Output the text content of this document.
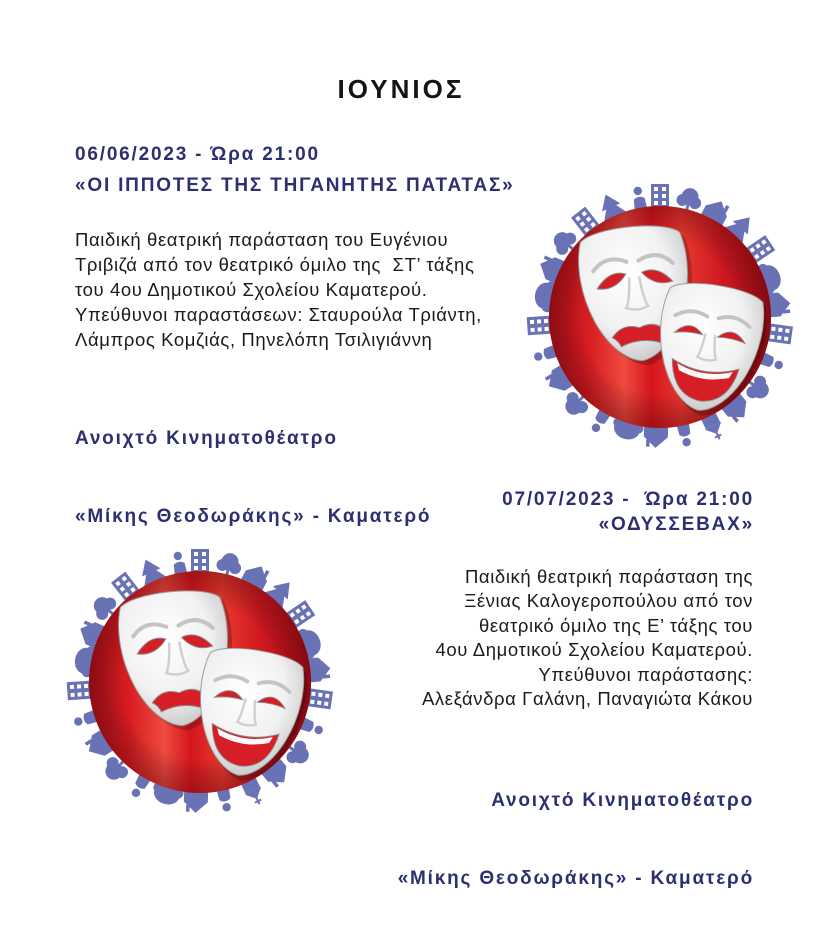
ΙΟΥΝΙΟΣ
06/06/2023 - Ώρα 21:00
«ΟΙ ΙΠΠΟΤΕΣ ΤΗΣ ΤΗΓΑΝΗΤΗΣ ΠΑΤΑΤΑΣ»
Παιδική θεατρική παράσταση του Ευγένιου
Τριβιζά από τον θεατρικό όμιλο της  ΣΤ’ τάξης
του 4ου Δημοτικού Σχολείου Καματερού.
Υπεύθυνοι παραστάσεων: Σταυρούλα Τριάντη,
Λάμπρος Κομζιάς, Πηνελόπη Τσιλιγιάννη

Ανοιχτό Κινηματοθέατρο

«Μίκης Θεοδωράκης» - Καματερό

07/07/2023 -  Ώρα 21:00
«ΟΔΥΣΣΕΒΑΧ»
Παιδική θεατρική παράσταση της
Ξένιας Καλογεροπούλου από τον
θεατρικό όμιλο της Ε’ τάξης του
4ου Δημοτικού Σχολείου Καματερού.
Υπεύθυνοι παράστασης:
Αλεξάνδρα Γαλάνη, Παναγιώτα Κάκου

Ανοιχτό Κινηματοθέατρο

«Μίκης Θεοδωράκης» - Καματερό
